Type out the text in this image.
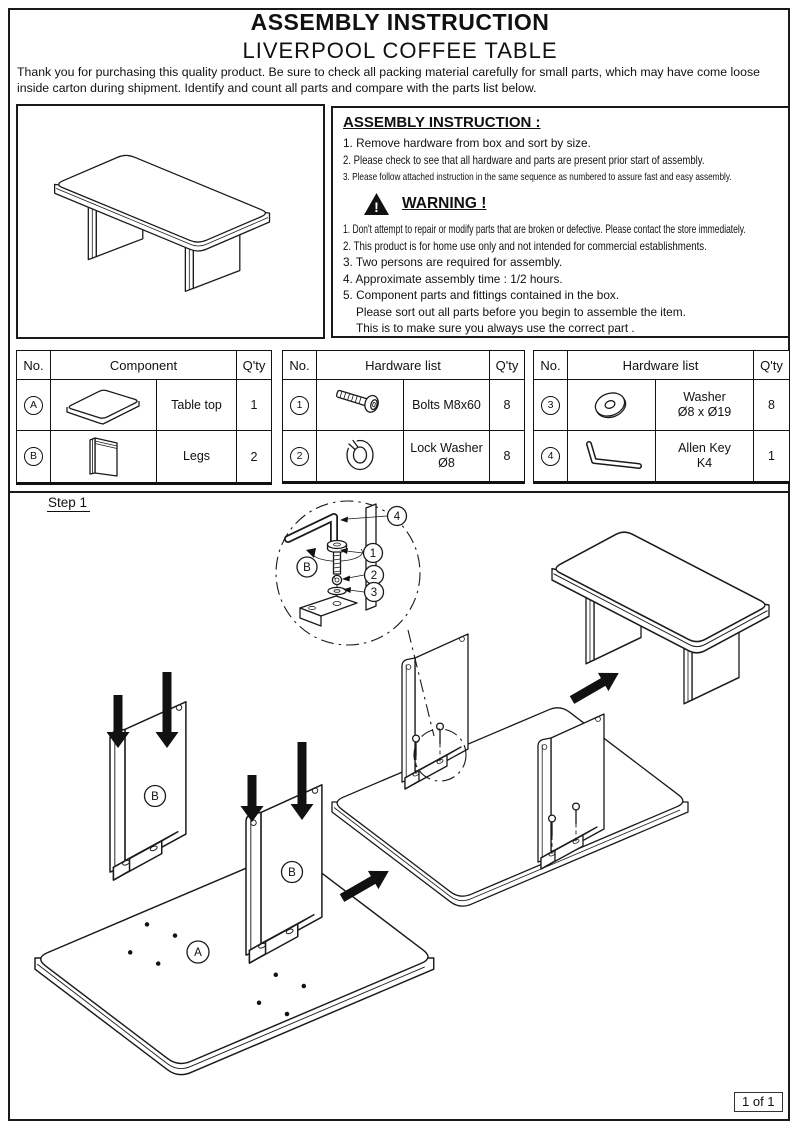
ASSEMBLY INSTRUCTION
LIVERPOOL COFFEE TABLE
Thank you for purchasing this quality product. Be sure to check all packing material carefully for small parts, which may have come loose inside carton during shipment. Identify and count all parts and compare with the parts list below.
ASSEMBLY INSTRUCTION :
1. Remove hardware from box and sort by size.
2. Please check to see that all hardware and parts are present prior start of assembly.
3. Please follow attached instruction in the same sequence as numbered to assure fast and easy assembly.
! WARNING !
1. Don't attempt to repair or modify parts that are broken or defective. Please contact the store immediately.
2. This product is for home use only and not intended for commercial establishments.
3. Two persons are required for assembly.
4. Approximate assembly time : 1/2 hours.
5. Component parts and fittings contained in the box.
Please sort out all parts before you begin to assemble the item.
This is to make sure you always use the correct part .
No.	Component		Q'ty
A		Table top	1
B		Legs	2
No.	Hardware list		Q'ty
1		Bolts M8x60	8
2		Lock Washer
Ø8	8
No.	Hardware list		Q'ty
3		Washer
Ø8 x Ø19	8
4		Allen Key
K4	1
Step 1
B
4
1
2
3
B
B
A
1 of 1
